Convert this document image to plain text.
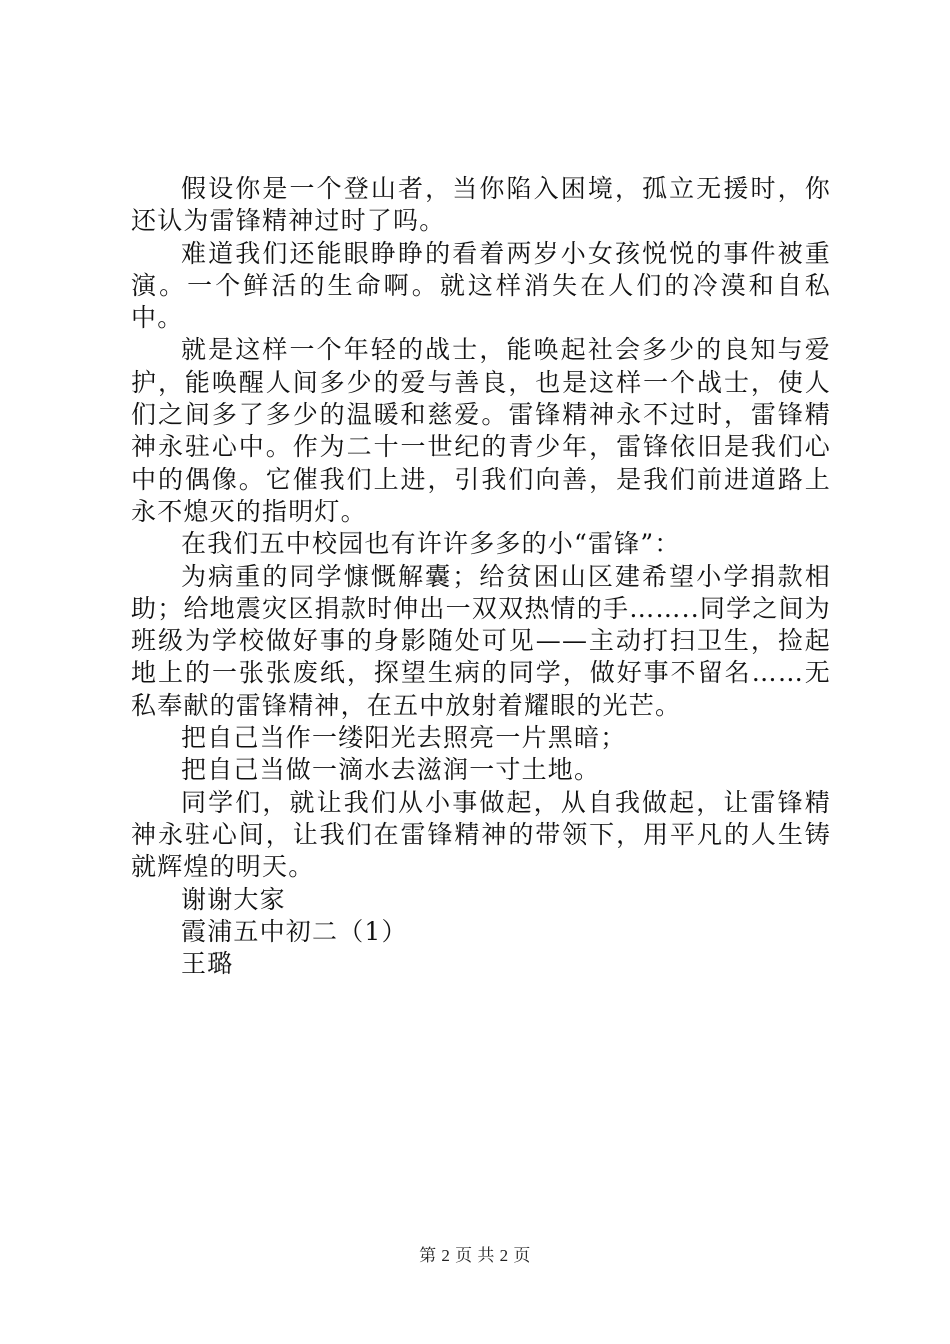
假设你是一个登山者，当你陷入困境，孤立无援时，你还认为雷锋精神过时了吗。

难道我们还能眼睁睁的看着两岁小女孩悦悦的事件被重演。一个鲜活的生命啊。就这样消失在人们的冷漠和自私中。

就是这样一个年轻的战士，能唤起社会多少的良知与爱护，能唤醒人间多少的爱与善良，也是这样一个战士，使人们之间多了多少的温暖和慈爱。雷锋精神永不过时，雷锋精神永驻心中。作为二十一世纪的青少年，雷锋依旧是我们心中的偶像。它催我们上进，引我们向善，是我们前进道路上永不熄灭的指明灯。

在我们五中校园也有许许多多的小“雷锋”：

为病重的同学慷慨解囊；给贫困山区建希望小学捐款相助；给地震灾区捐款时伸出一双双热情的手……..同学之间为班级为学校做好事的身影随处可见——主动打扫卫生，捡起地上的一张张废纸，探望生病的同学，做好事不留名……无私奉献的雷锋精神，在五中放射着耀眼的光芒。

把自己当作一缕阳光去照亮一片黑暗；

把自己当做一滴水去滋润一寸土地。

同学们，就让我们从小事做起，从自我做起，让雷锋精神永驻心间，让我们在雷锋精神的带领下，用平凡的人生铸就辉煌的明天。

谢谢大家

霞浦五中初二（1）

王璐

第 2 页 共 2 页
